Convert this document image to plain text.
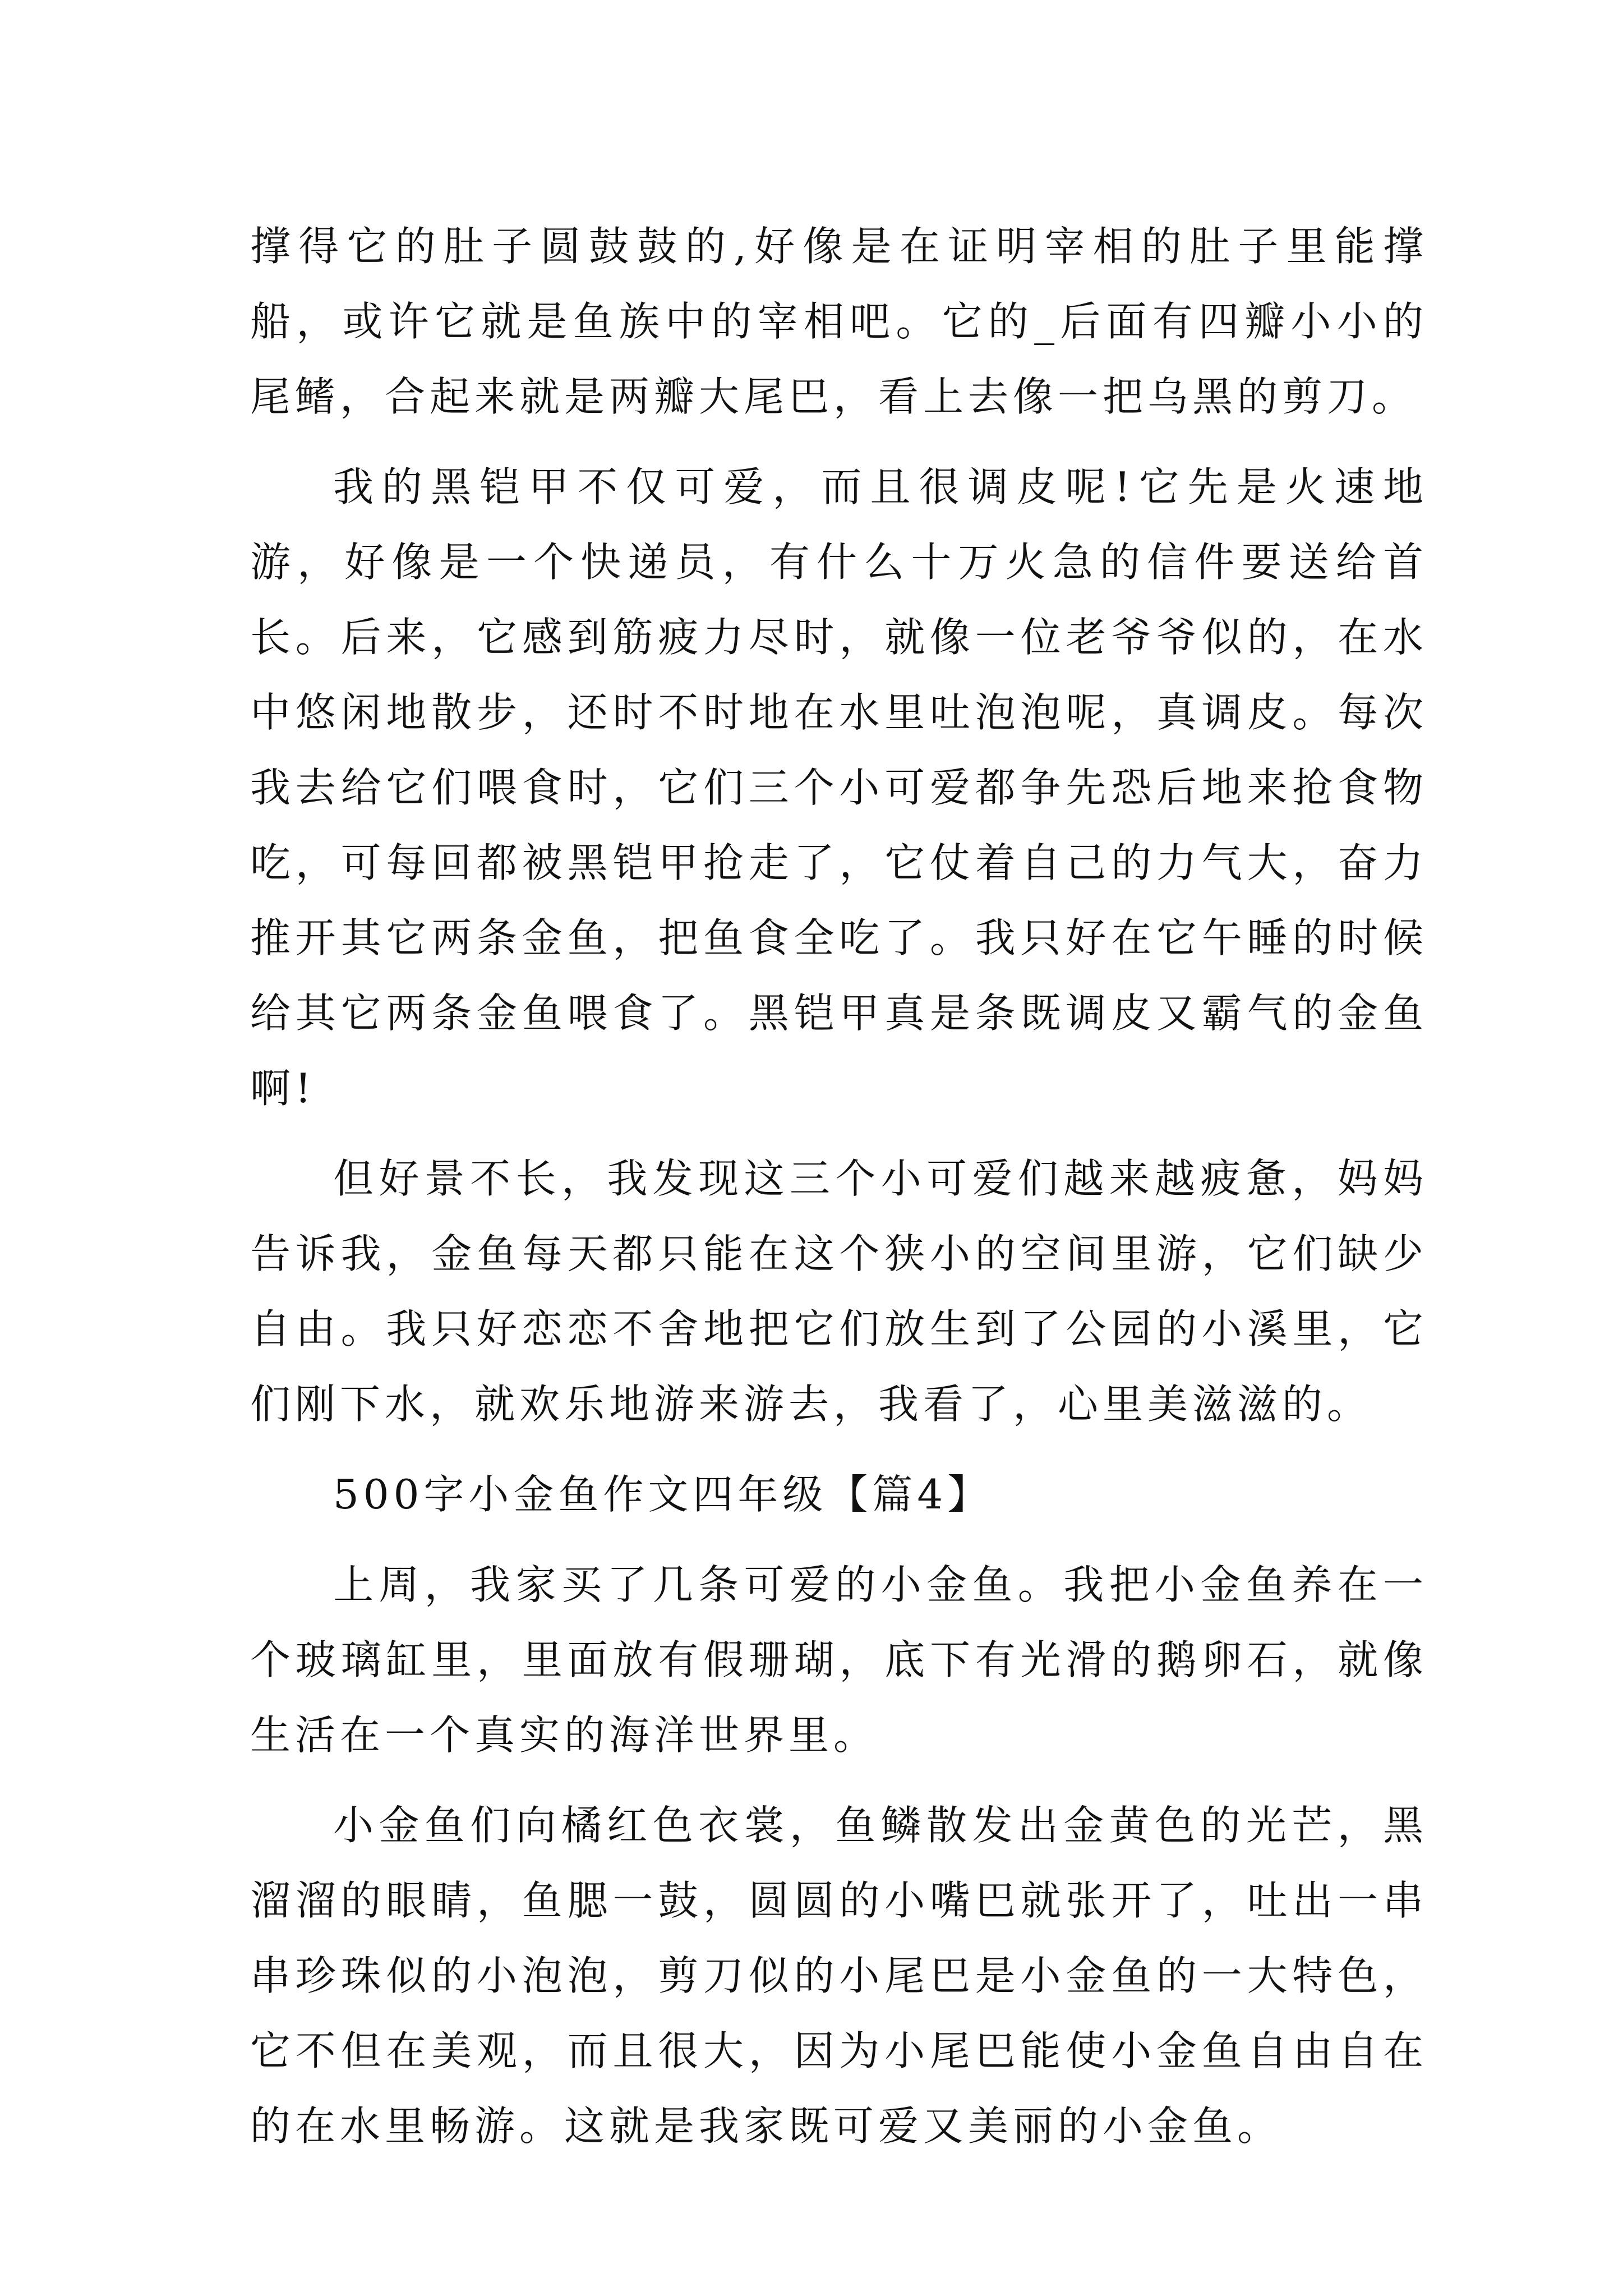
撑得它的肚子圆鼓鼓的,好像是在证明宰相的肚子里能撑船，或许它就是鱼族中的宰相吧。它的_后面有四瓣小小的尾鳍，合起来就是两瓣大尾巴，看上去像一把乌黑的剪刀。

我的黑铠甲不仅可爱，而且很调皮呢!它先是火速地游，好像是一个快递员，有什么十万火急的信件要送给首长。后来，它感到筋疲力尽时，就像一位老爷爷似的，在水中悠闲地散步，还时不时地在水里吐泡泡呢，真调皮。每次我去给它们喂食时，它们三个小可爱都争先恐后地来抢食物吃，可每回都被黑铠甲抢走了，它仗着自己的力气大，奋力推开其它两条金鱼，把鱼食全吃了。我只好在它午睡的时候给其它两条金鱼喂食了。黑铠甲真是条既调皮又霸气的金鱼啊!

但好景不长，我发现这三个小可爱们越来越疲惫，妈妈告诉我，金鱼每天都只能在这个狭小的空间里游，它们缺少自由。我只好恋恋不舍地把它们放生到了公园的小溪里，它们刚下水，就欢乐地游来游去，我看了，心里美滋滋的。

500字小金鱼作文四年级【篇4】

上周，我家买了几条可爱的小金鱼。我把小金鱼养在一个玻璃缸里，里面放有假珊瑚，底下有光滑的鹅卵石，就像生活在一个真实的海洋世界里。

小金鱼们向橘红色衣裳，鱼鳞散发出金黄色的光芒，黑溜溜的眼睛，鱼腮一鼓，圆圆的小嘴巴就张开了，吐出一串串珍珠似的小泡泡，剪刀似的小尾巴是小金鱼的一大特色，它不但在美观，而且很大，因为小尾巴能使小金鱼自由自在的在水里畅游。这就是我家既可爱又美丽的小金鱼。
